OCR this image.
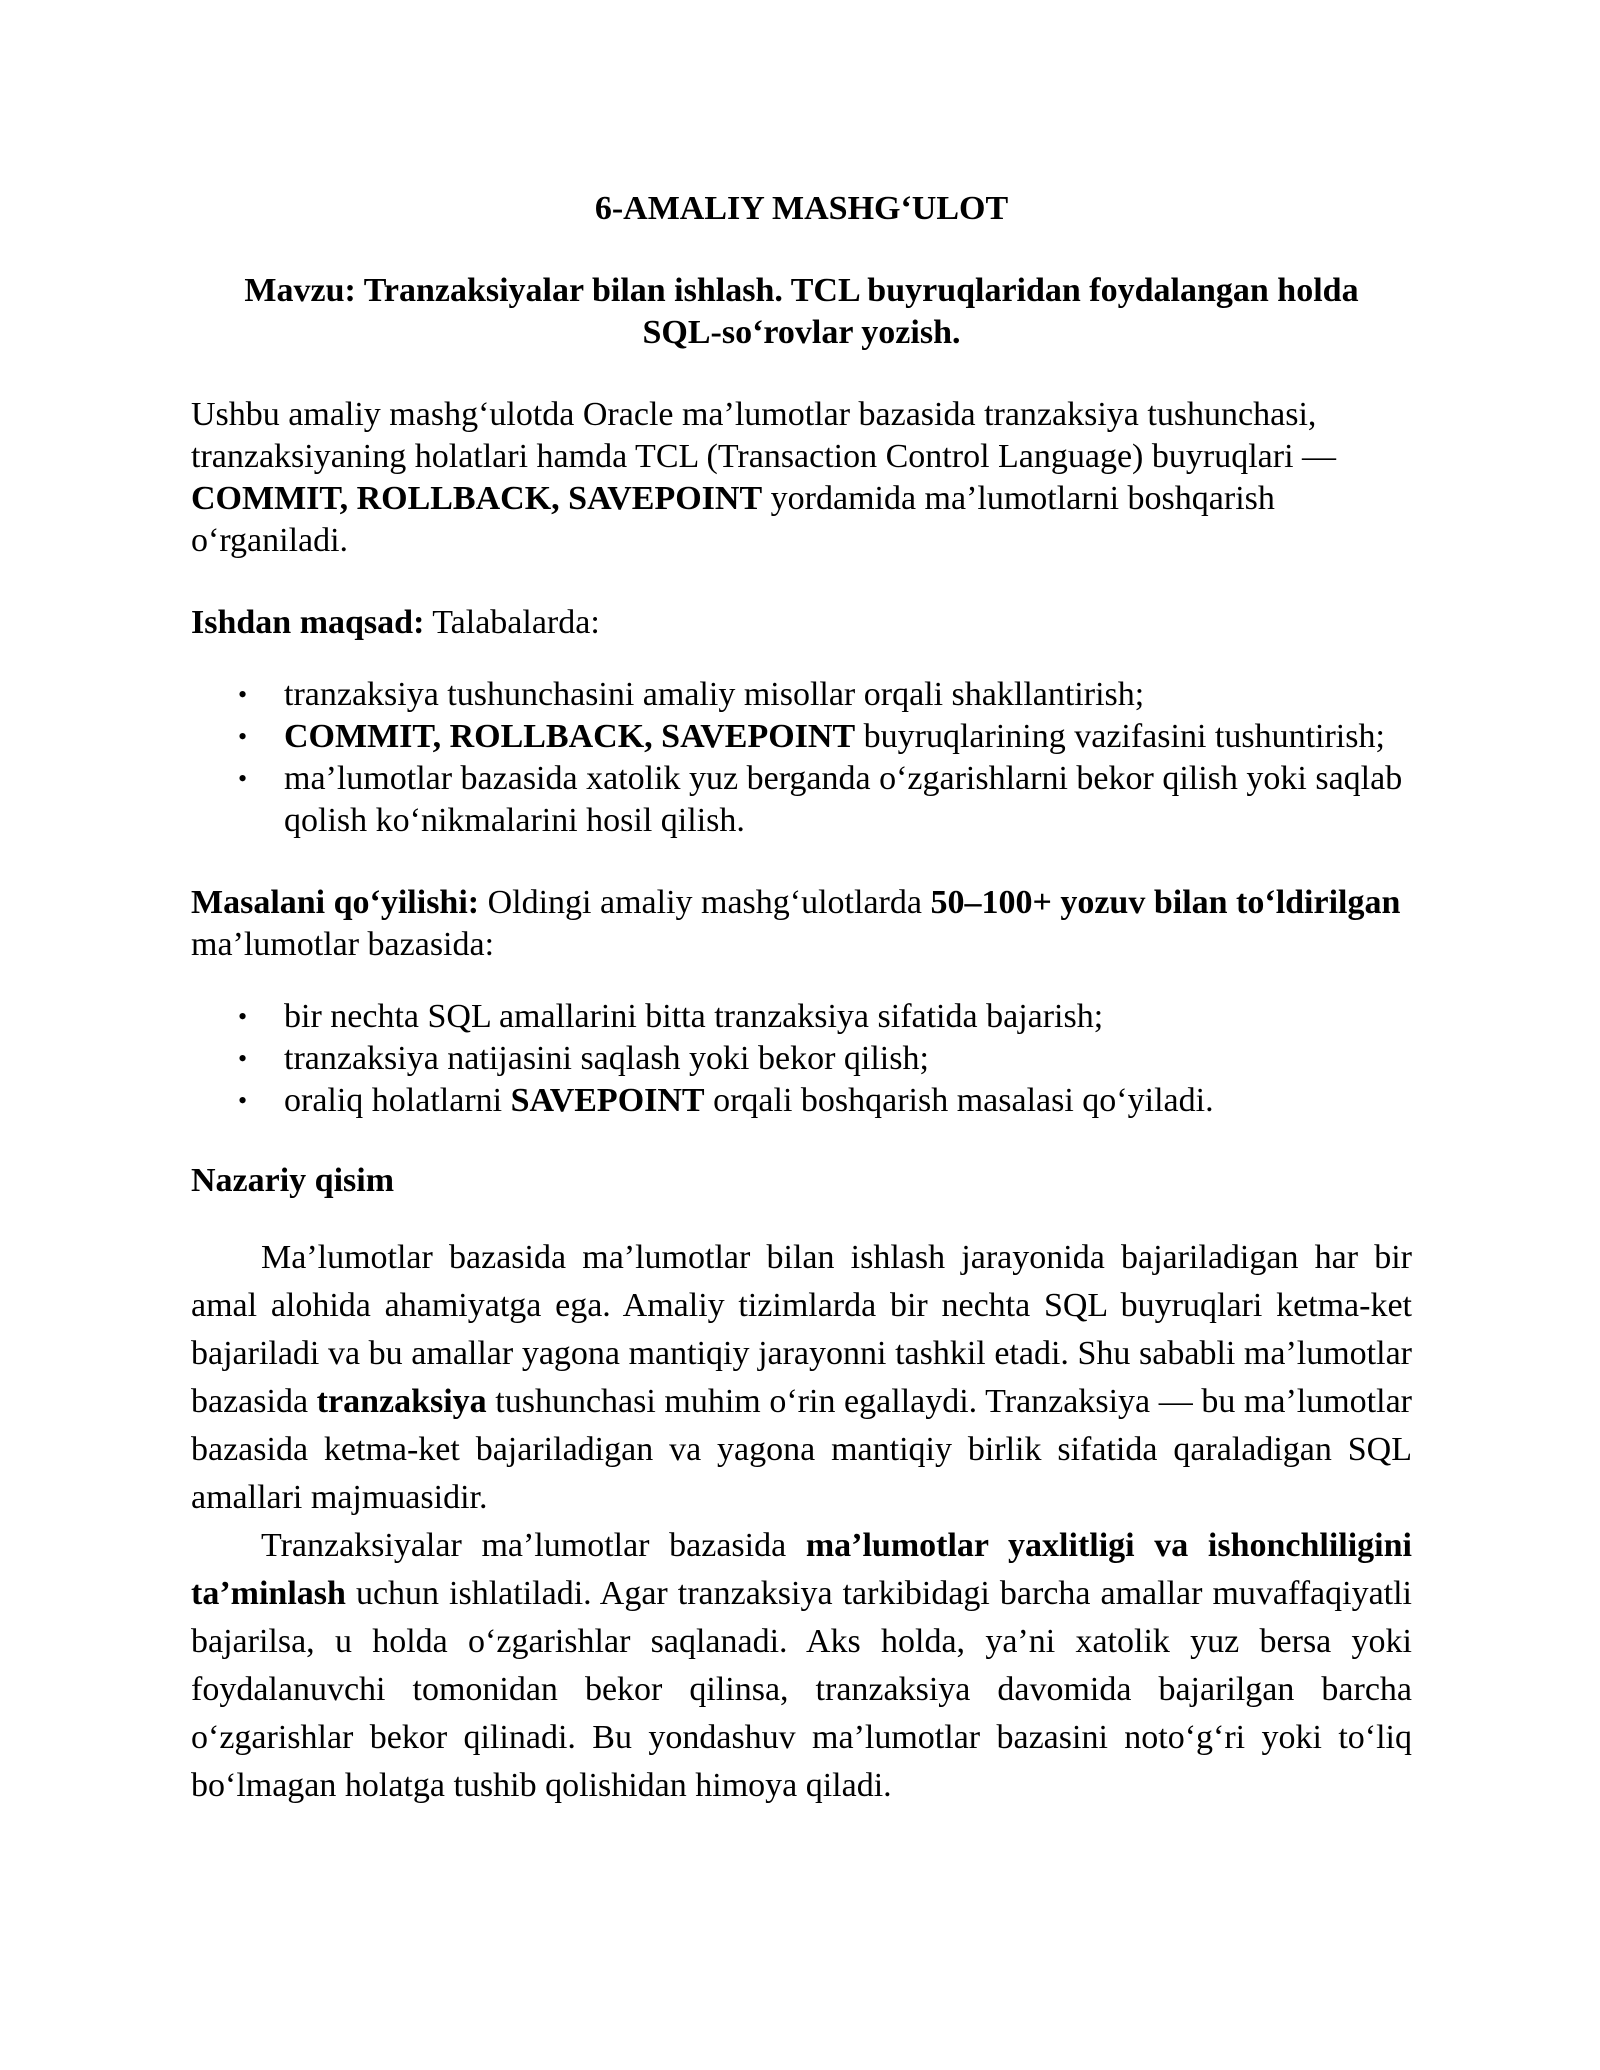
6-AMALIY MASHG‘ULOT

Mavzu: Tranzaksiyalar bilan ishlash. TCL buyruqlaridan foydalangan holda
SQL-so‘rovlar yozish.

Ushbu amaliy mashg‘ulotda Oracle ma’lumotlar bazasida tranzaksiya tushunchasi, tranzaksiyaning holatlari hamda TCL (Transaction Control Language) buyruqlari — COMMIT, ROLLBACK, SAVEPOINT yordamida ma’lumotlarni boshqarish o‘rganiladi.

Ishdan maqsad: Talabalarda:

• tranzaksiya tushunchasini amaliy misollar orqali shakllantirish;
• COMMIT, ROLLBACK, SAVEPOINT buyruqlarining vazifasini tushuntirish;
• ma’lumotlar bazasida xatolik yuz berganda o‘zgarishlarni bekor qilish yoki saqlab qolish ko‘nikmalarini hosil qilish.

Masalani qo‘yilishi: Oldingi amaliy mashg‘ulotlarda 50–100+ yozuv bilan to‘ldirilgan ma’lumotlar bazasida:

• bir nechta SQL amallarini bitta tranzaksiya sifatida bajarish;
• tranzaksiya natijasini saqlash yoki bekor qilish;
• oraliq holatlarni SAVEPOINT orqali boshqarish masalasi qo‘yiladi.

Nazariy qisim

Ma’lumotlar bazasida ma’lumotlar bilan ishlash jarayonida bajariladigan har bir amal alohida ahamiyatga ega. Amaliy tizimlarda bir nechta SQL buyruqlari ketma-ket bajariladi va bu amallar yagona mantiqiy jarayonni tashkil etadi. Shu sababli ma’lumotlar bazasida tranzaksiya tushunchasi muhim o‘rin egallaydi. Tranzaksiya — bu ma’lumotlar bazasida ketma-ket bajariladigan va yagona mantiqiy birlik sifatida qaraladigan SQL amallari majmuasidir.

Tranzaksiyalar ma’lumotlar bazasida ma’lumotlar yaxlitligi va ishonchliligini ta’minlash uchun ishlatiladi. Agar tranzaksiya tarkibidagi barcha amallar muvaffaqiyatli bajarilsa, u holda o‘zgarishlar saqlanadi. Aks holda, ya’ni xatolik yuz bersa yoki foydalanuvchi tomonidan bekor qilinsa, tranzaksiya davomida bajarilgan barcha o‘zgarishlar bekor qilinadi. Bu yondashuv ma’lumotlar bazasini noto‘g‘ri yoki to‘liq bo‘lmagan holatga tushib qolishidan himoya qiladi.
